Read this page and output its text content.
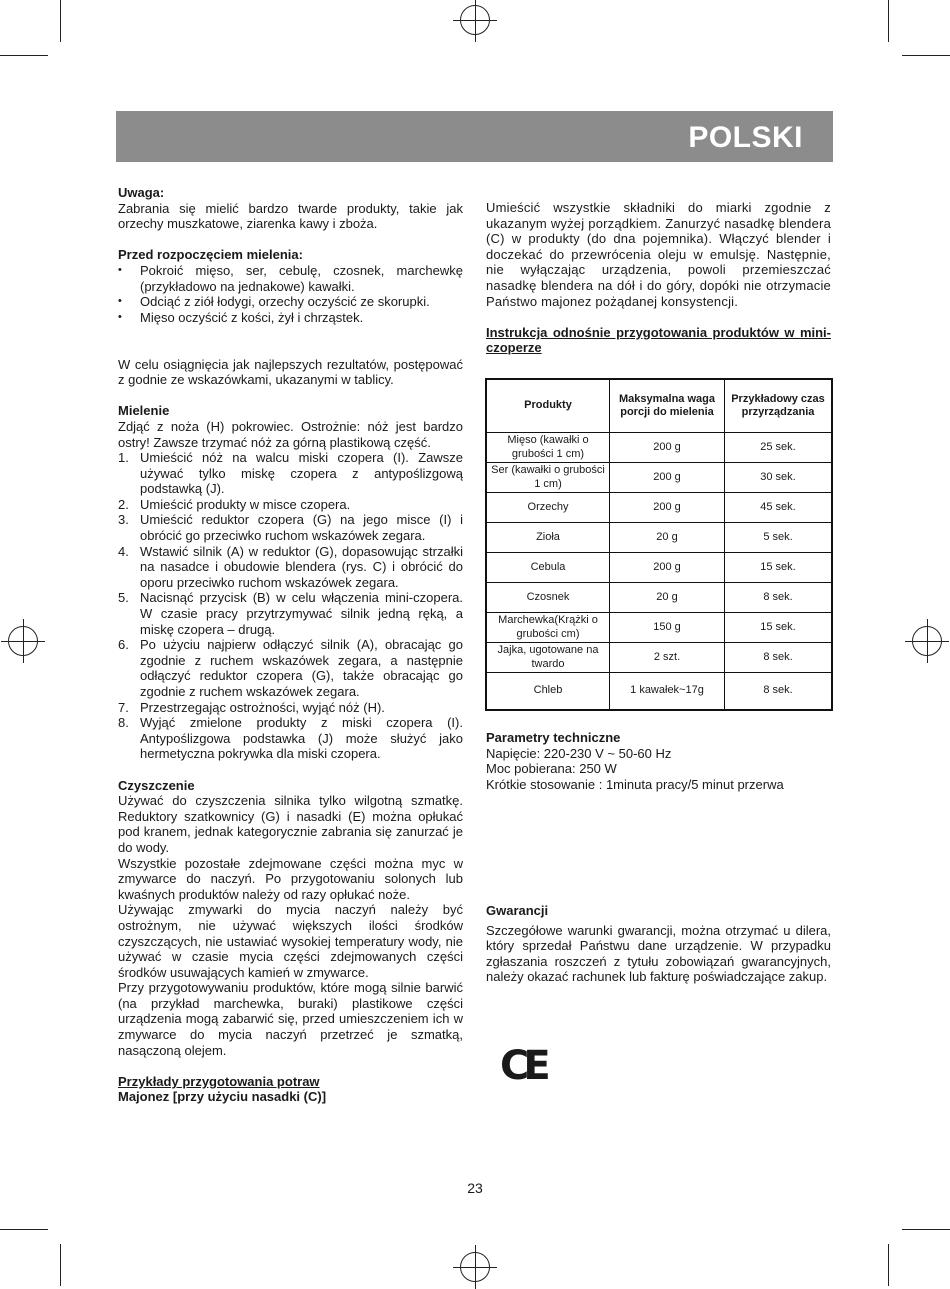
POLSKI

Uwaga:

Zabrania się mielić bardzo twarde produkty, takie jak orzechy muszkatowe, ziarenka kawy i zboża.

Przed rozpoczęciem mielenia:

• Pokroić mięso, ser, cebulę, czosnek, marchewkę (przykładowo na jednakowe) kawałki.
• Odciąć z ziół łodygi, orzechy oczyścić ze skorupki.
• Mięso oczyścić z kości, żył i chrząstek.

W celu osiągnięcia jak najlepszych rezultatów, postępować z godnie ze wskazówkami, ukazanymi w tablicy.

Mielenie

Zdjąć z noża (H) pokrowiec. Ostrożnie: nóż jest bardzo ostry! Zawsze trzymać nóż za górną plastikową część.

1. Umieścić nóż na walcu miski czopera (I). Zawsze używać tylko miskę czopera z antypoślizgową podstawką (J).
2. Umieścić produkty w misce czopera.
3. Umieścić reduktor czopera (G) na jego misce (I) i obrócić go przeciwko ruchom wskazówek zegara.
4. Wstawić silnik (A) w reduktor (G), dopasowując strzałki na nasadce i obudowie blendera (rys. C) i obrócić do oporu przeciwko ruchom wskazówek zegara.
5. Nacisnąć przycisk (B) w celu włączenia mini-czopera. W czasie pracy przytrzymywać silnik jedną ręką, a miskę czopera – drugą.
6. Po użyciu najpierw odłączyć silnik (A), obracając go zgodnie z ruchem wskazówek zegara, a następnie odłączyć reduktor czopera (G), także obracając go zgodnie z ruchem wskazówek zegara.
7. Przestrzegając ostrożności, wyjąć nóż (H).
8. Wyjąć zmielone produkty z miski czopera (I). Antypoślizgowa podstawka (J) może służyć jako hermetyczna pokrywka dla miski czopera.

Czyszczenie

Używać do czyszczenia silnika tylko wilgotną szmatkę. Reduktory szatkownicy (G) i nasadki (E) można opłukać pod kranem, jednak kategorycznie zabrania się zanurzać je do wody.

Wszystkie pozostałe zdejmowane części można myc w zmywarce do naczyń. Po przygotowaniu solonych lub kwaśnych produktów należy od razy opłukać noże.

Używając zmywarki do mycia naczyń należy być ostrożnym, nie używać większych ilości środków czyszczących, nie ustawiać wysokiej temperatury wody, nie używać w czasie mycia części zdejmowanych części środków usuwających kamień w zmywarce.

Przy przygotowywaniu produktów, które mogą silnie barwić (na przykład marchewka, buraki) plastikowe części urządzenia mogą zabarwić się, przed umieszczeniem ich w zmywarce do mycia naczyń przetrzeć je szmatką, nasączoną olejem.

Przykłady przygotowania potraw

Majonez [przy użyciu nasadki (C)]

Umieścić wszystkie składniki do miarki zgodnie z ukazanym wyżej porządkiem. Zanurzyć nasadkę blendera (C) w produkty (do dna pojemnika). Włączyć blender i doczekać do przewrócenia oleju w emulsję. Następnie, nie wyłączając urządzenia, powoli przemieszczać nasadkę blendera na dół i do góry, dopóki nie otrzymacie Państwo majonez pożądanej konsystencji.

Instrukcja odnośnie przygotowania produktów w mini-czoperze

Produkty	Maksymalna waga porcji do mielenia	Przykładowy czas przyrządzania
Mięso (kawałki o grubości 1 cm)	200 g	25 sek.
Ser (kawałki o grubości 1 cm)	200 g	30 sek.
Orzechy	200 g	45 sek.
Zioła	20 g	5 sek.
Cebula	200 g	15 sek.
Czosnek	20 g	8 sek.
Marchewka(Krążki o grubości cm)	150 g	15 sek.
Jajka, ugotowane na twardo	2 szt.	8 sek.
Chleb	1 kawałek~17g	8 sek.

Parametry techniczne

Napięcie: 220-230 V ~ 50-60 Hz

Moc pobierana: 250 W

Krótkie stosowanie : 1minuta pracy/5 minut przerwa

Gwarancji

Szczegółowe warunki gwarancji, można otrzymać u dilera, który sprzedał Państwu dane urządzenie. W przypadku zgłaszania roszczeń z tytułu zobowiązań gwarancyjnych, należy okazać rachunek lub fakturę poświadczające zakup.

CE
23
